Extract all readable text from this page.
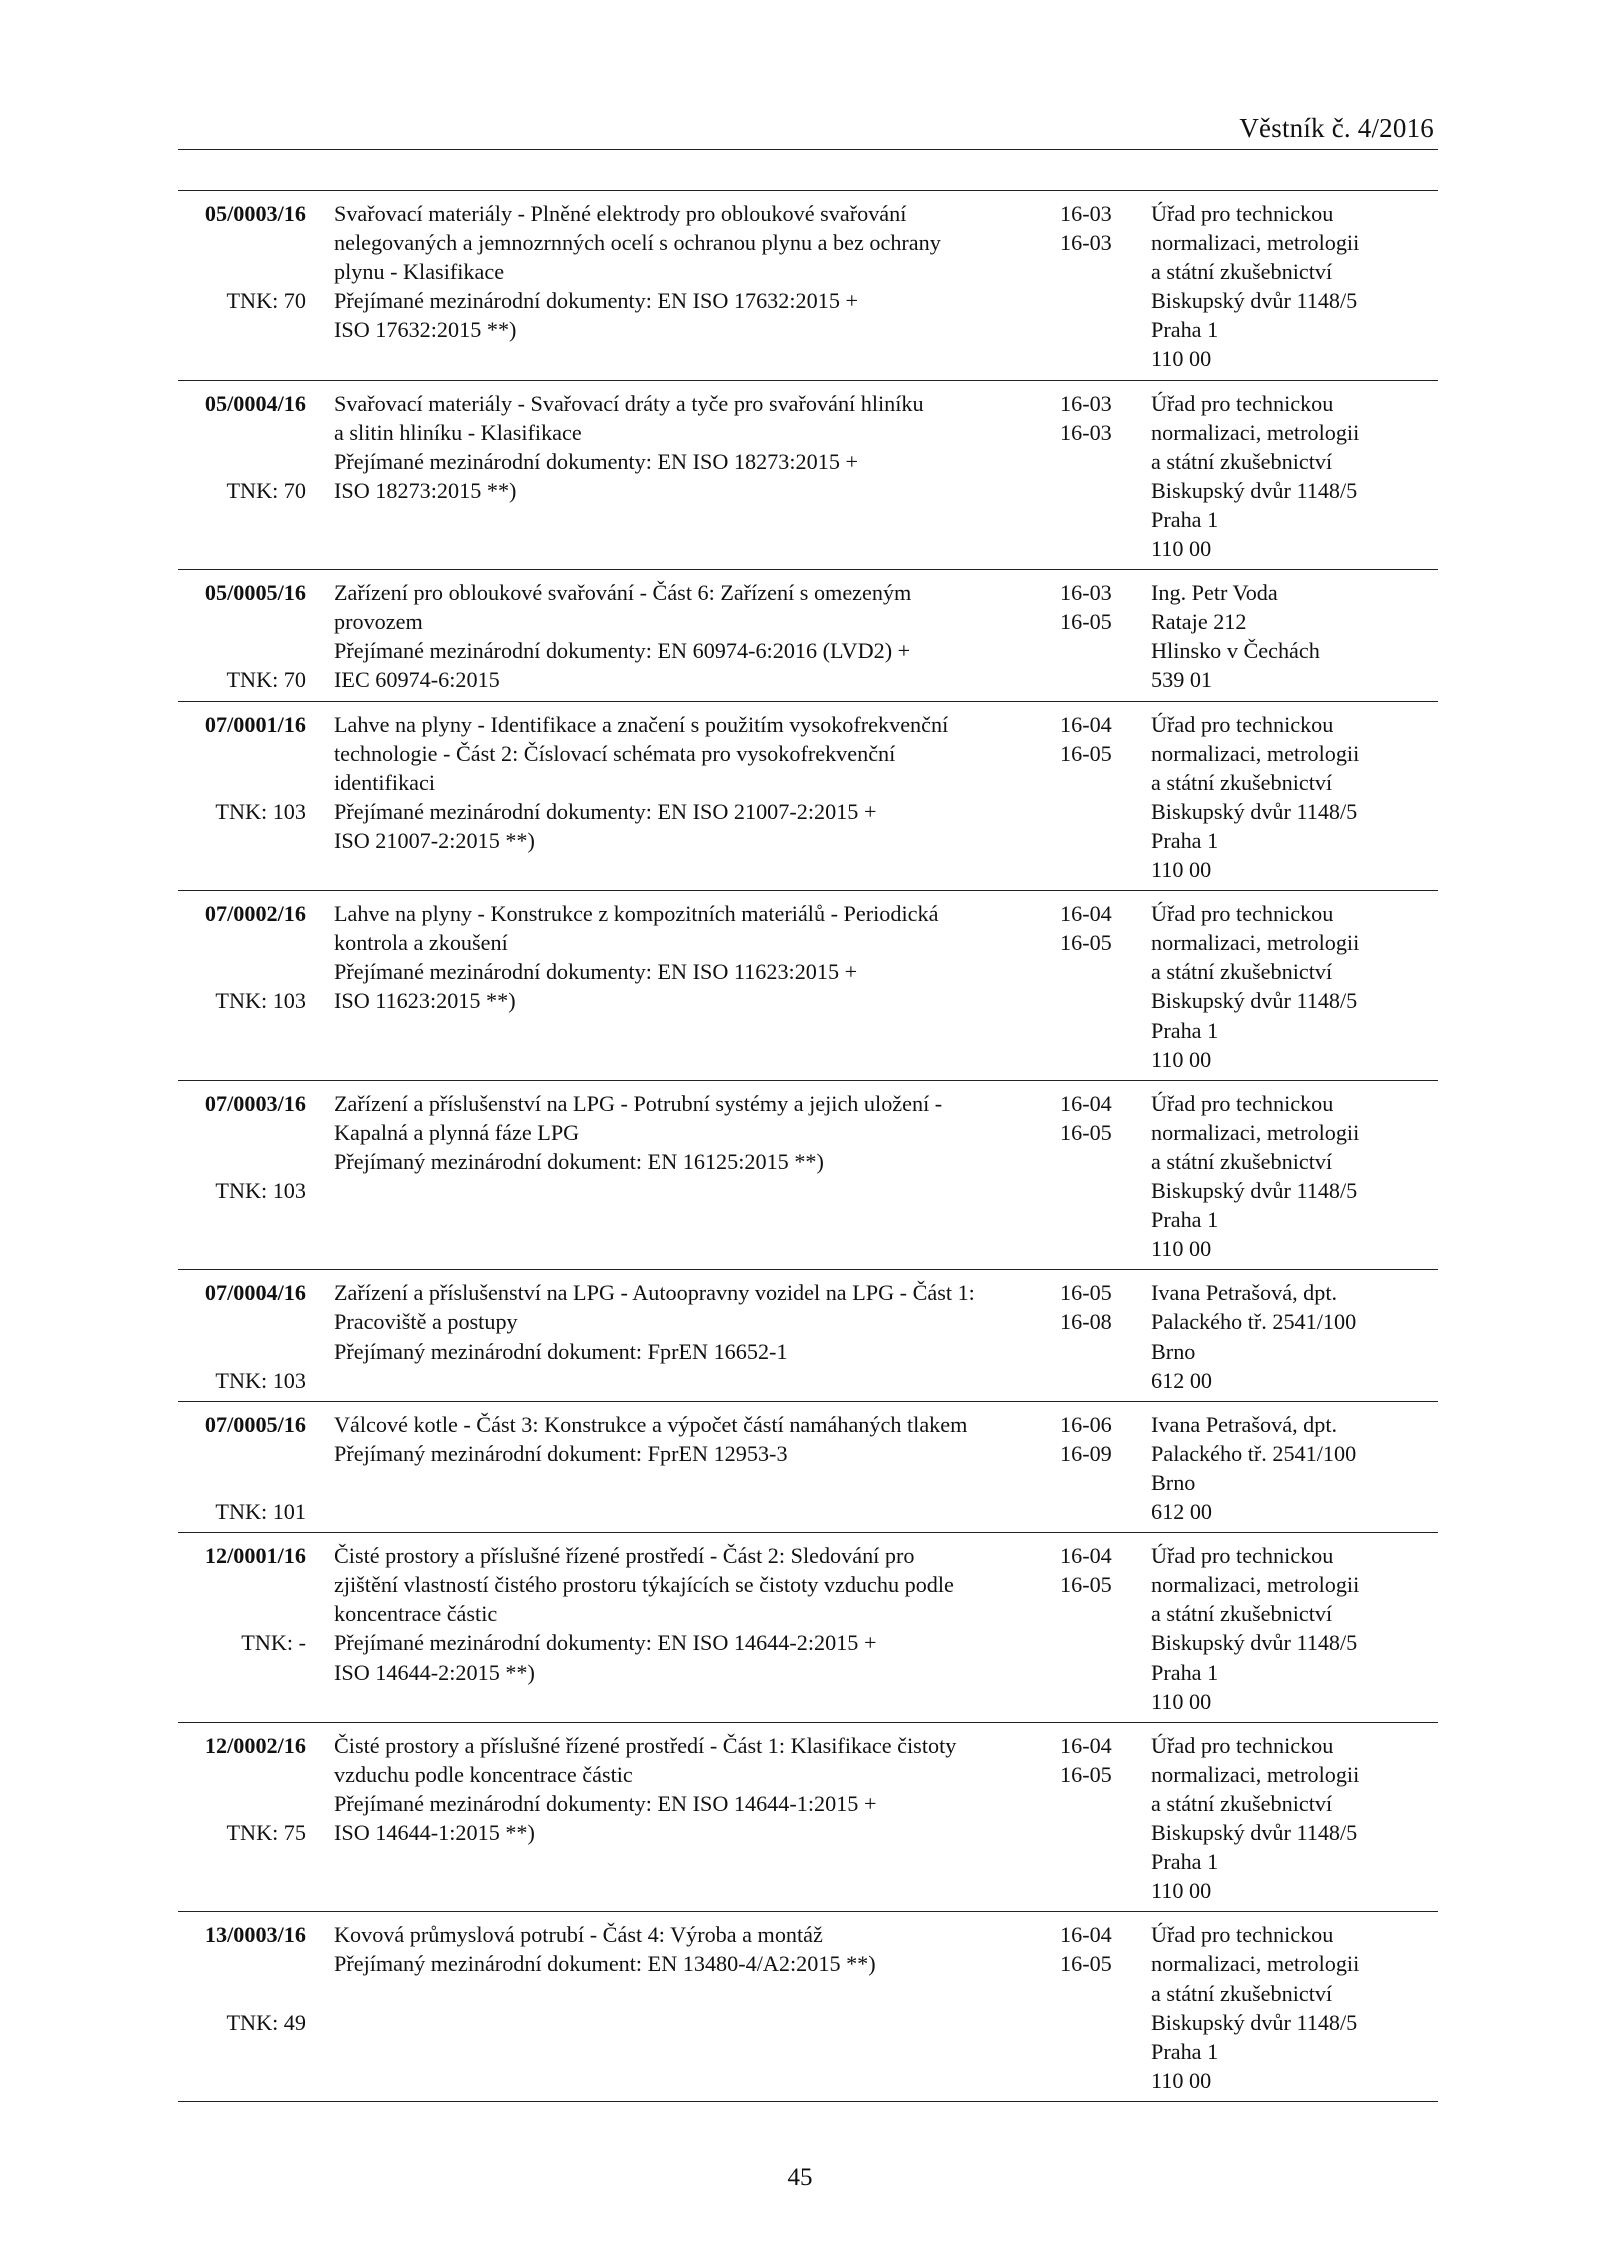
Věstník č. 4/2016
05/0003/16
TNK: 70
Svařovací materiály - Plněné elektrody pro obloukové svařování
nelegovaných a jemnozrnných ocelí s ochranou plynu a bez ochrany
plynu - Klasifikace
Přejímané mezinárodní dokumenty: EN ISO 17632:2015 +
ISO 17632:2015 **)
16-03
16-03
Úřad pro technickou
normalizaci, metrologii
a státní zkušebnictví
Biskupský dvůr 1148/5
Praha 1
110 00
05/0004/16
TNK: 70
Svařovací materiály - Svařovací dráty a tyče pro svařování hliníku
a slitin hliníku - Klasifikace
Přejímané mezinárodní dokumenty: EN ISO 18273:2015 +
ISO 18273:2015 **)
16-03
16-03
Úřad pro technickou
normalizaci, metrologii
a státní zkušebnictví
Biskupský dvůr 1148/5
Praha 1
110 00
05/0005/16
TNK: 70
Zařízení pro obloukové svařování - Část 6: Zařízení s omezeným
provozem
Přejímané mezinárodní dokumenty: EN 60974-6:2016 (LVD2) +
IEC 60974-6:2015
16-03
16-05
Ing. Petr Voda
Rataje 212
Hlinsko v Čechách
539 01
07/0001/16
TNK: 103
Lahve na plyny - Identifikace a značení s použitím vysokofrekvenční
technologie - Část 2: Číslovací schémata pro vysokofrekvenční
identifikaci
Přejímané mezinárodní dokumenty: EN ISO 21007-2:2015 +
ISO 21007-2:2015 **)
16-04
16-05
Úřad pro technickou
normalizaci, metrologii
a státní zkušebnictví
Biskupský dvůr 1148/5
Praha 1
110 00
07/0002/16
TNK: 103
Lahve na plyny - Konstrukce z kompozitních materiálů - Periodická
kontrola a zkoušení
Přejímané mezinárodní dokumenty: EN ISO 11623:2015 +
ISO 11623:2015 **)
16-04
16-05
Úřad pro technickou
normalizaci, metrologii
a státní zkušebnictví
Biskupský dvůr 1148/5
Praha 1
110 00
07/0003/16
TNK: 103
Zařízení a příslušenství na LPG - Potrubní systémy a jejich uložení -
Kapalná a plynná fáze LPG
Přejímaný mezinárodní dokument: EN 16125:2015 **)
16-04
16-05
Úřad pro technickou
normalizaci, metrologii
a státní zkušebnictví
Biskupský dvůr 1148/5
Praha 1
110 00
07/0004/16
TNK: 103
Zařízení a příslušenství na LPG - Autoopravny vozidel na LPG - Část 1:
Pracoviště a postupy
Přejímaný mezinárodní dokument: FprEN 16652-1
16-05
16-08
Ivana Petrašová, dpt.
Palackého tř. 2541/100
Brno
612 00
07/0005/16
TNK: 101
Válcové kotle - Část 3: Konstrukce a výpočet částí namáhaných tlakem
Přejímaný mezinárodní dokument: FprEN 12953-3
16-06
16-09
Ivana Petrašová, dpt.
Palackého tř. 2541/100
Brno
612 00
12/0001/16
TNK: -
Čisté prostory a příslušné řízené prostředí - Část 2: Sledování pro
zjištění vlastností čistého prostoru týkajících se čistoty vzduchu podle
koncentrace částic
Přejímané mezinárodní dokumenty: EN ISO 14644-2:2015 +
ISO 14644-2:2015 **)
16-04
16-05
Úřad pro technickou
normalizaci, metrologii
a státní zkušebnictví
Biskupský dvůr 1148/5
Praha 1
110 00
12/0002/16
TNK: 75
Čisté prostory a příslušné řízené prostředí - Část 1: Klasifikace čistoty
vzduchu podle koncentrace částic
Přejímané mezinárodní dokumenty: EN ISO 14644-1:2015 +
ISO 14644-1:2015 **)
16-04
16-05
Úřad pro technickou
normalizaci, metrologii
a státní zkušebnictví
Biskupský dvůr 1148/5
Praha 1
110 00
13/0003/16
TNK: 49
Kovová průmyslová potrubí - Část 4: Výroba a montáž
Přejímaný mezinárodní dokument: EN 13480-4/A2:2015 **)
16-04
16-05
Úřad pro technickou
normalizaci, metrologii
a státní zkušebnictví
Biskupský dvůr 1148/5
Praha 1
110 00
45
